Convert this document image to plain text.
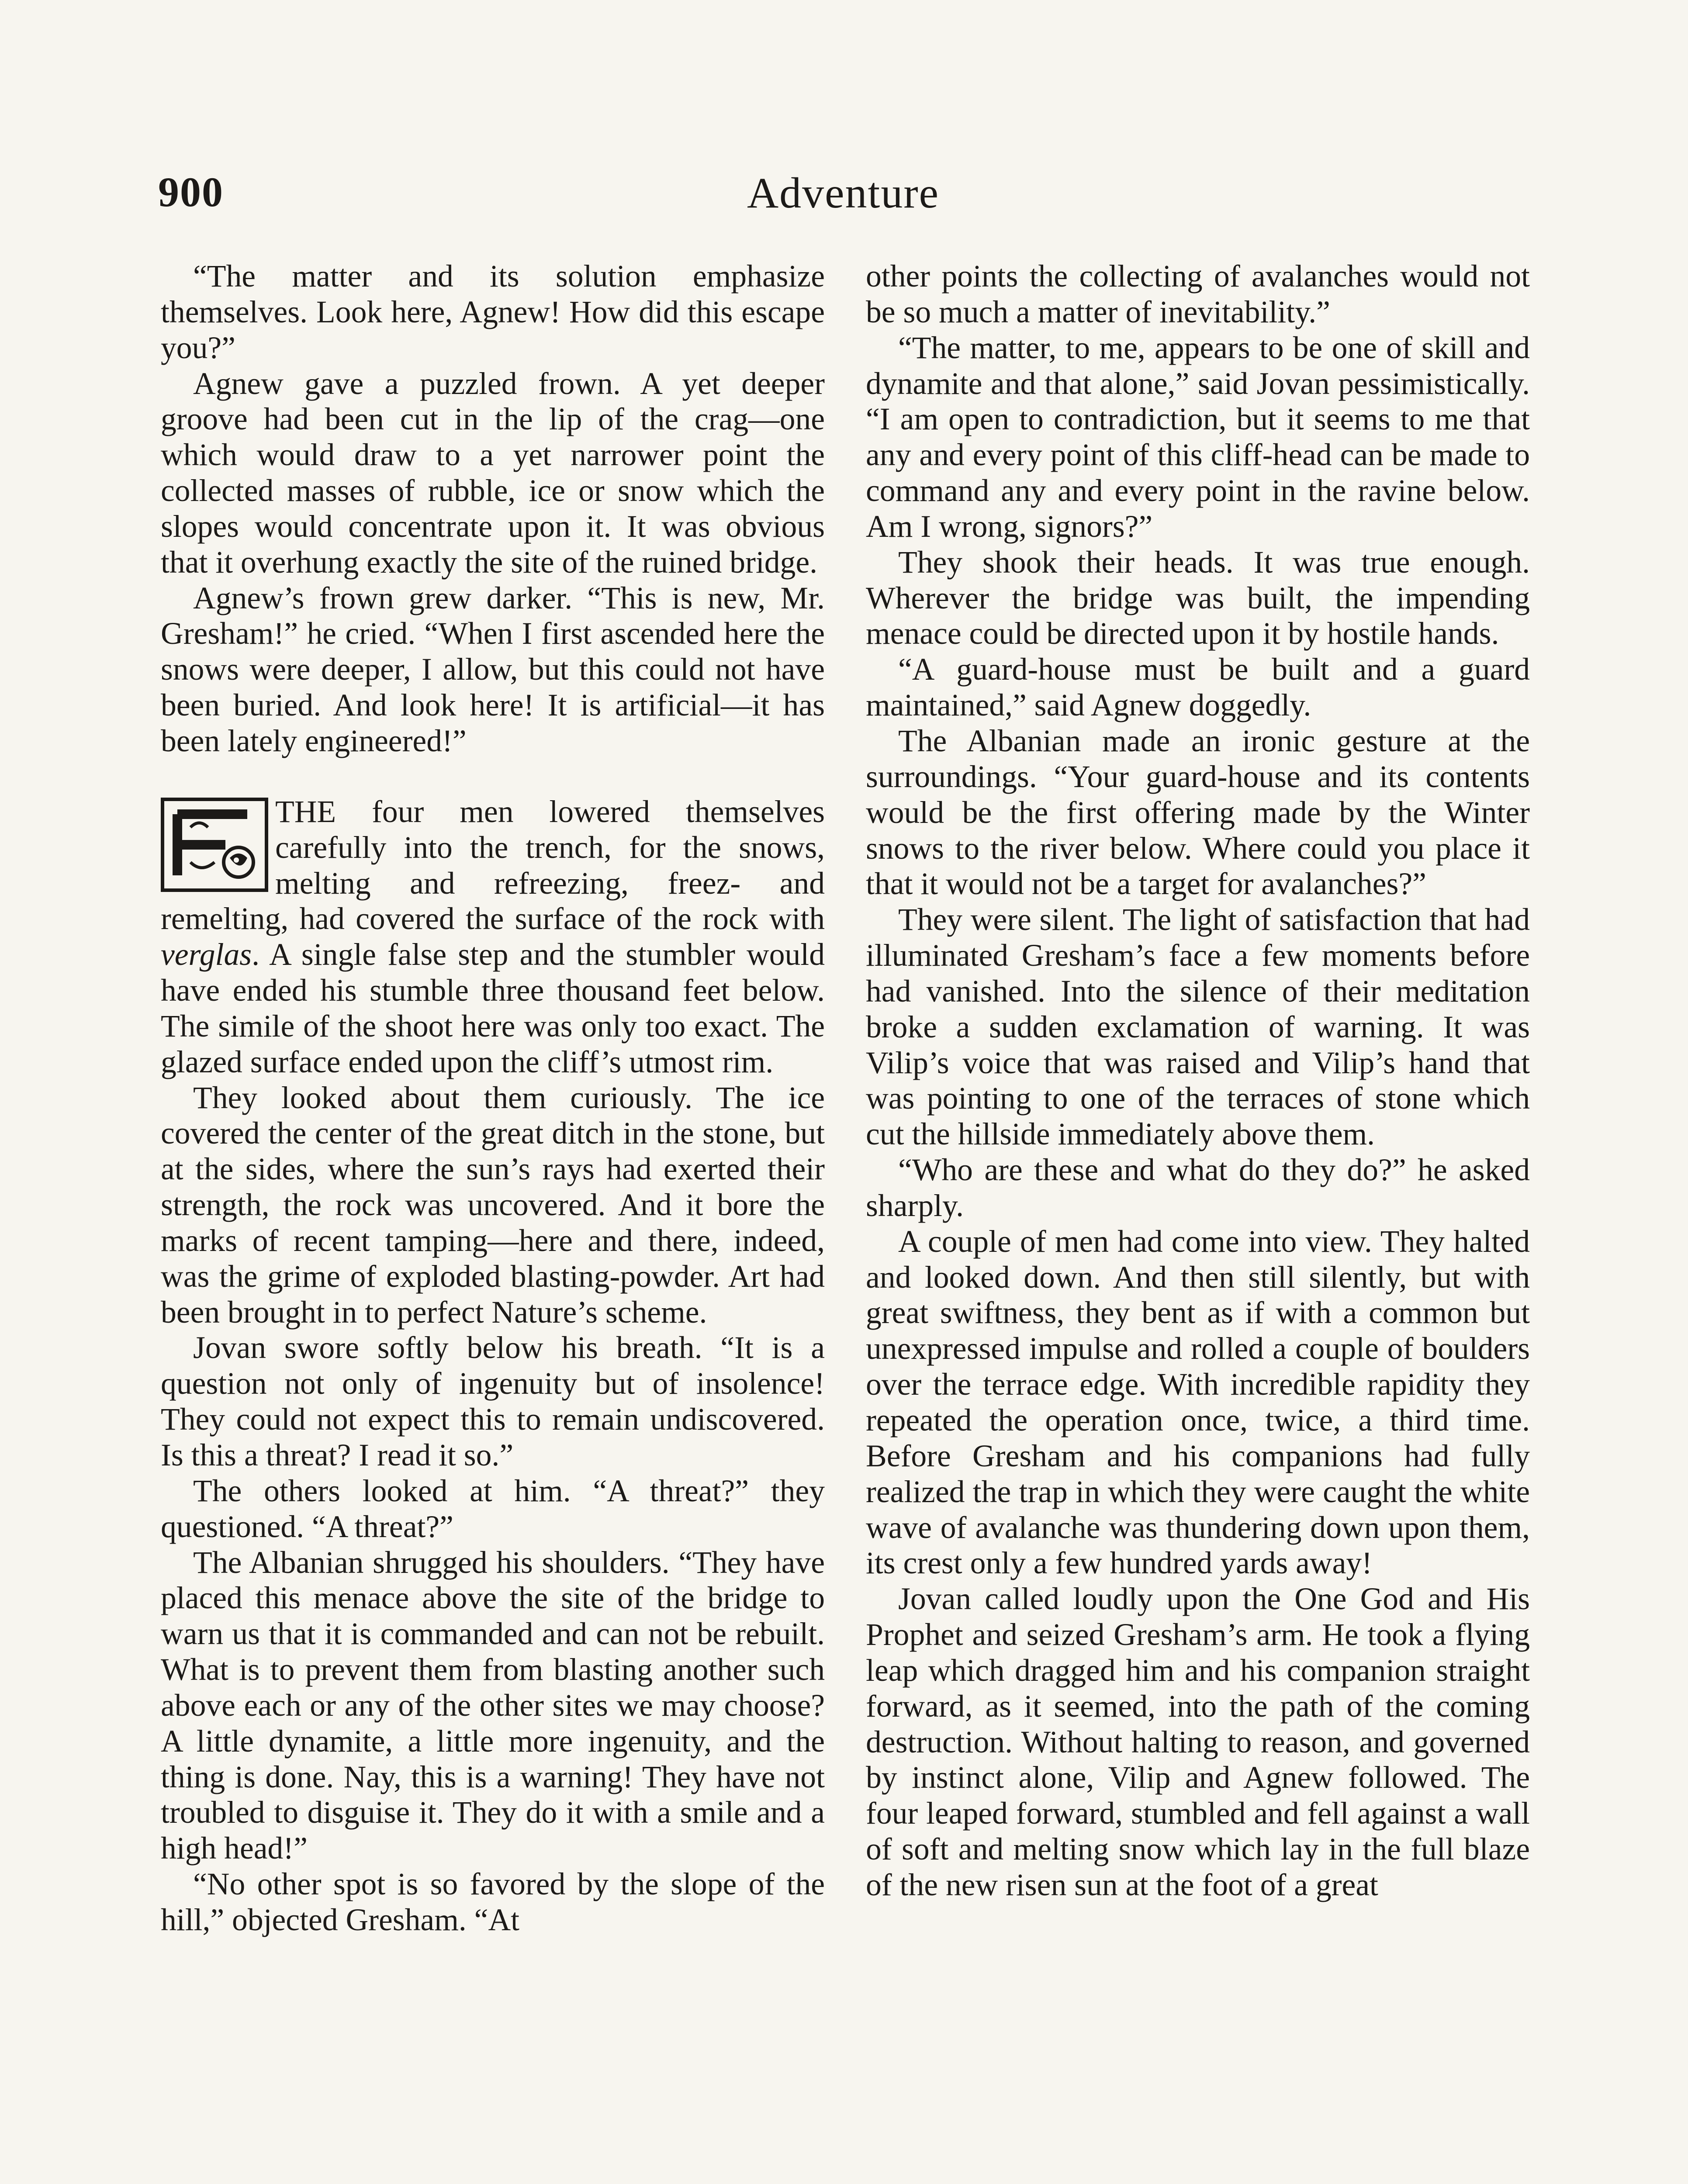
900	Adventure

“The matter and its solution emphasize themselves. Look here, Agnew! How did this escape you?”

Agnew gave a puzzled frown. A yet deeper groove had been cut in the lip of the crag—one which would draw to a yet narrower point the collected masses of rubble, ice or snow which the slopes would concentrate upon it. It was obvious that it overhung exactly the site of the ruined bridge.

Agnew’s frown grew darker. “This is new, Mr. Gresham!” he cried. “When I first ascended here the snows were deeper, I allow, but this could not have been buried. And look here! It is artificial—it has been lately engineered!”

THE four men lowered themselves carefully into the trench, for the snows, melting and refreezing, freez- and remelting, had covered the surface of the rock with verglas. A single false step and the stumbler would have ended his stumble three thousand feet below. The simile of the shoot here was only too exact. The glazed surface ended upon the cliff’s utmost rim.

They looked about them curiously. The ice covered the center of the great ditch in the stone, but at the sides, where the sun’s rays had exerted their strength, the rock was uncovered. And it bore the marks of recent tamping—here and there, indeed, was the grime of exploded blasting-powder. Art had been brought in to perfect Nature’s scheme.

Jovan swore softly below his breath. “It is a question not only of ingenuity but of insolence! They could not expect this to remain undiscovered. Is this a threat? I read it so.”

The others looked at him. “A threat?” they questioned. “A threat?”

The Albanian shrugged his shoulders. “They have placed this menace above the site of the bridge to warn us that it is commanded and can not be rebuilt. What is to prevent them from blasting another such above each or any of the other sites we may choose? A little dynamite, a little more ingenuity, and the thing is done. Nay, this is a warning! They have not troubled to disguise it. They do it with a smile and a high head!”

“No other spot is so favored by the slope of the hill,” objected Gresham. “At

other points the collecting of avalanches would not be so much a matter of inevitability.”

“The matter, to me, appears to be one of skill and dynamite and that alone,” said Jovan pessimistically. “I am open to contradiction, but it seems to me that any and every point of this cliff-head can be made to command any and every point in the ravine below. Am I wrong, signors?”

They shook their heads. It was true enough. Wherever the bridge was built, the impending menace could be directed upon it by hostile hands.

“A guard-house must be built and a guard maintained,” said Agnew doggedly.

The Albanian made an ironic gesture at the surroundings. “Your guard-house and its contents would be the first offering made by the Winter snows to the river below. Where could you place it that it would not be a target for avalanches?”

They were silent. The light of satisfaction that had illuminated Gresham’s face a few moments before had vanished. Into the silence of their meditation broke a sudden exclamation of warning. It was Vilip’s voice that was raised and Vilip’s hand that was pointing to one of the terraces of stone which cut the hillside immediately above them.

“Who are these and what do they do?” he asked sharply.

A couple of men had come into view. They halted and looked down. And then still silently, but with great swiftness, they bent as if with a common but unexpressed impulse and rolled a couple of boulders over the terrace edge. With incredible rapidity they repeated the operation once, twice, a third time. Before Gresham and his companions had fully realized the trap in which they were caught the white wave of avalanche was thundering down upon them, its crest only a few hundred yards away!

Jovan called loudly upon the One God and His Prophet and seized Gresham’s arm. He took a flying leap which dragged him and his companion straight forward, as it seemed, into the path of the coming destruction. Without halting to reason, and governed by instinct alone, Vilip and Agnew followed. The four leaped forward, stumbled and fell against a wall of soft and melting snow which lay in the full blaze of the new risen sun at the foot of a great
